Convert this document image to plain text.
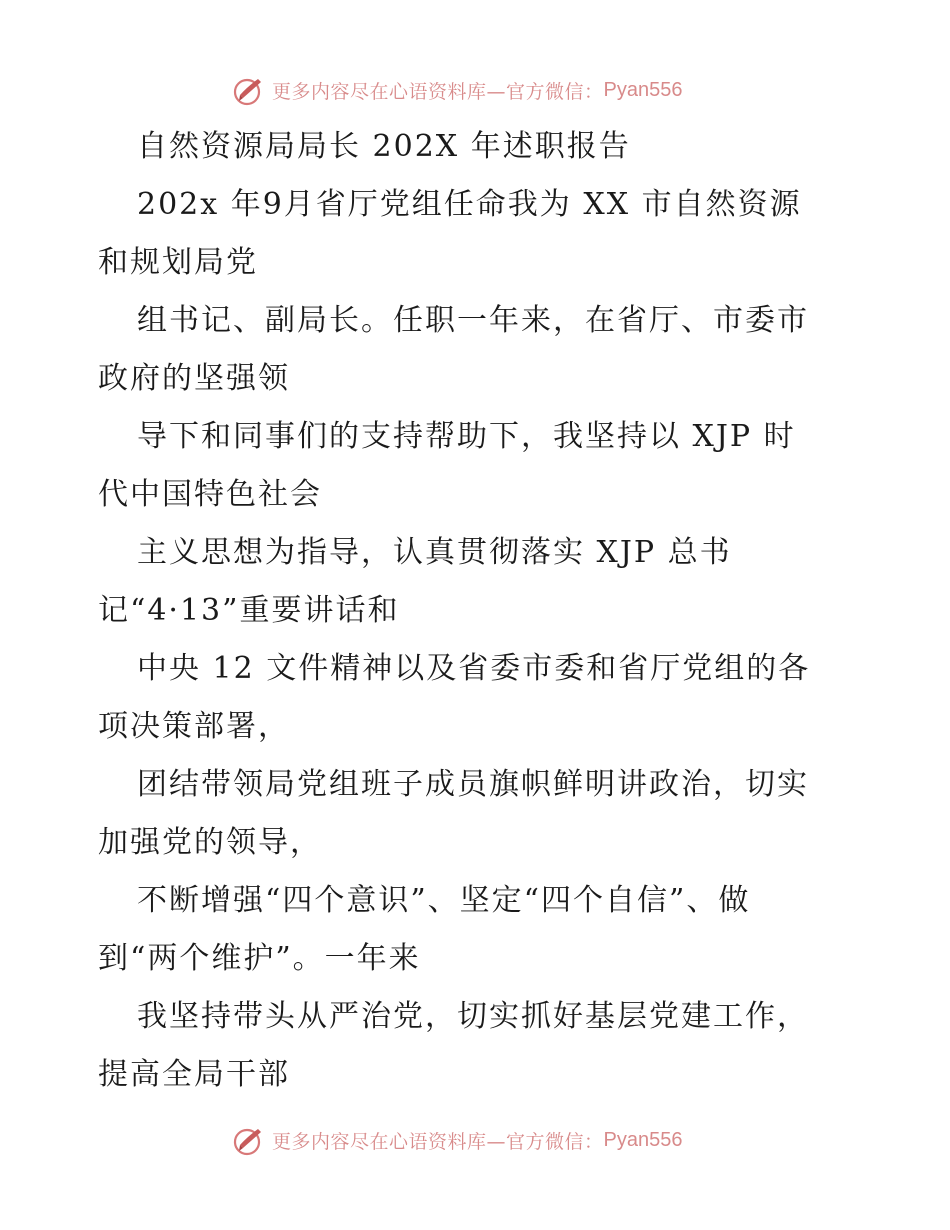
更多内容尽在心语资料库—官方微信： Pyan556
自然资源局局长 202X 年述职报告
202x 年9月省厅党组任命我为 XX 市自然资源
和规划局党
组书记、副局长。任职一年来，在省厅、市委市
政府的坚强领
导下和同事们的支持帮助下，我坚持以 XJP 时
代中国特色社会
主义思想为指导，认真贯彻落实 XJP 总书
记“4·13”重要讲话和
中央 12 文件精神以及省委市委和省厅党组的各
项决策部署，
团结带领局党组班子成员旗帜鲜明讲政治，切实
加强党的领导，
不断增强“四个意识”、坚定“四个自信”、做
到“两个维护”。一年来
我坚持带头从严治党，切实抓好基层党建工作，
提高全局干部
更多内容尽在心语资料库—官方微信： Pyan556
